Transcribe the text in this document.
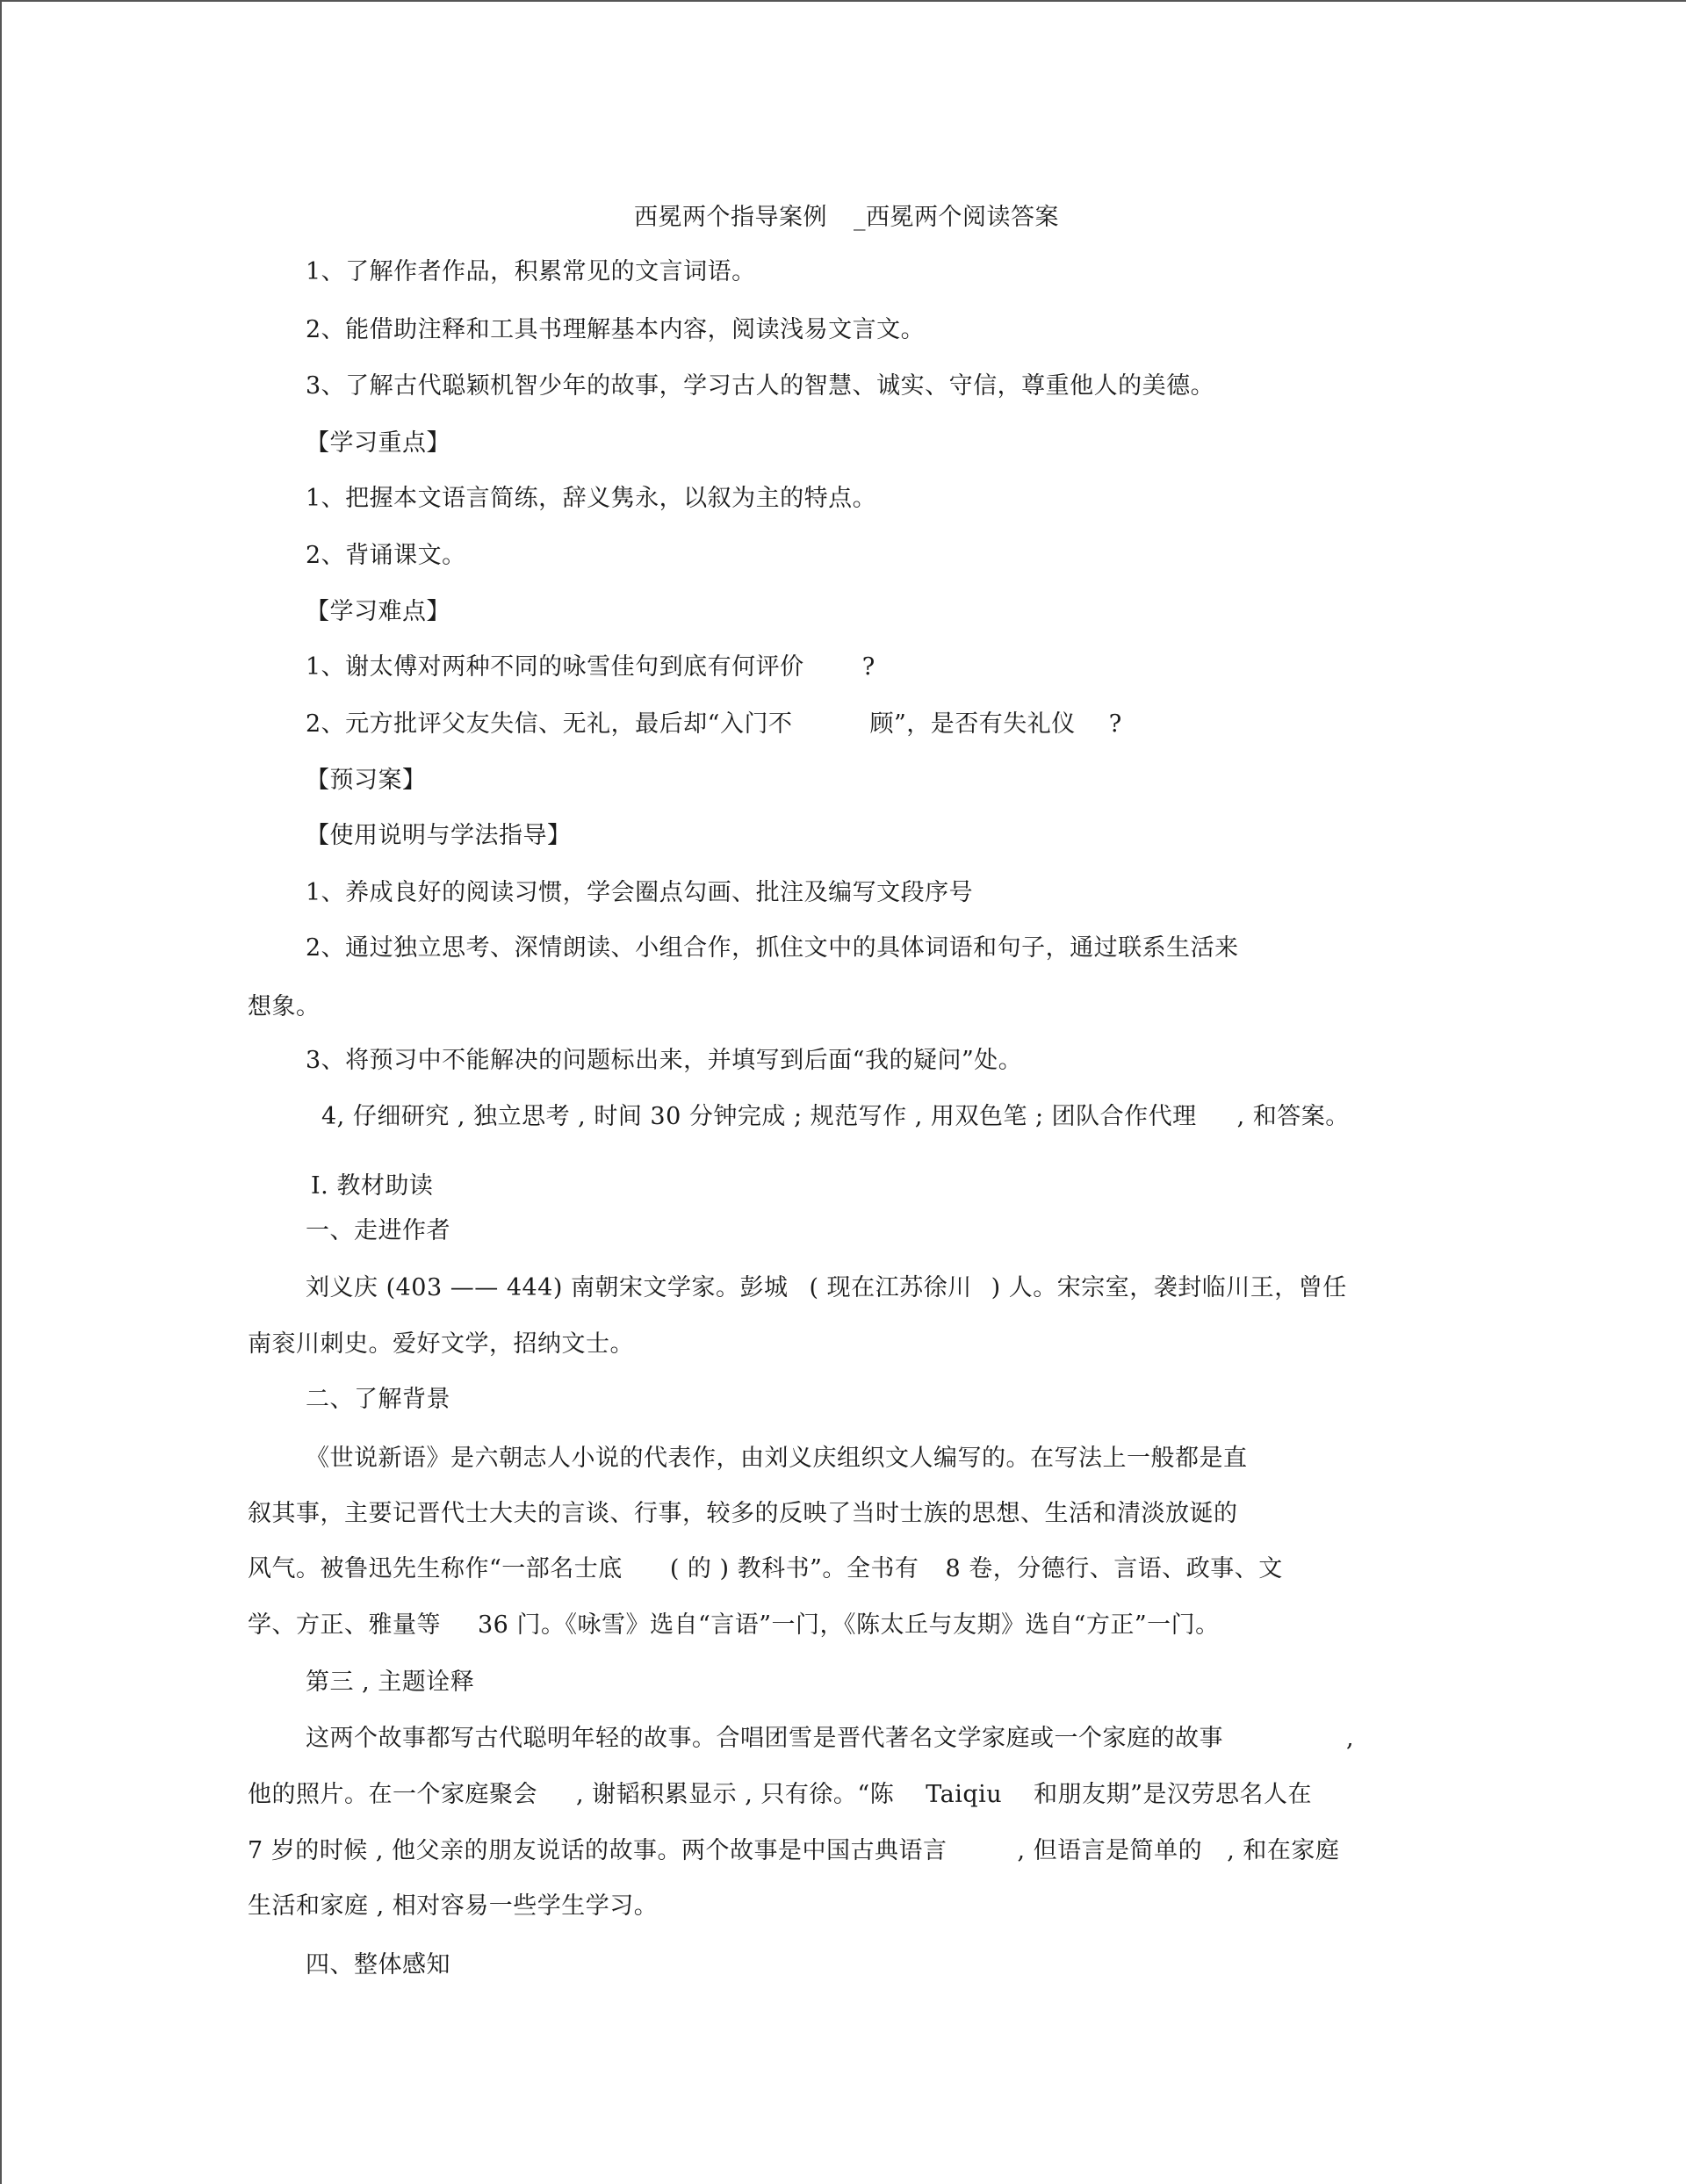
西冕两个指导案例 _西冕两个阅读答案
1、了解作者作品，积累常见的文言词语。
2、能借助注释和工具书理解基本内容，阅读浅易文言文。
3、了解古代聪颖机智少年的故事，学习古人的智慧、诚实、守信，尊重他人的美德。
【学习重点】
1、把握本文语言简练，辞义隽永，以叙为主的特点。
2、背诵课文。
【学习难点】
1、谢太傅对两种不同的咏雪佳句到底有何评价 ?
2、元方批评父友失信、无礼，最后却“入门不	顾”，是否有失礼仪 ?
【预习案】
【使用说明与学法指导】
1、养成良好的阅读习惯，学会圈点勾画、批注及编写文段序号
2、通过独立思考、深情朗读、小组合作，抓住文中的具体词语和句子，通过联系生活来
想象。
3、将预习中不能解决的问题标出来，并填写到后面“我的疑问”处。
4, 仔细研究 , 独立思考 , 时间 30 分钟完成 ; 规范写作 , 用双色笔 ; 团队合作代理 , 和答案。
Ⅰ. 教材助读
一、走进作者
刘义庆 (403 —— 444) 南朝宋文学家。彭城 ( 现在江苏徐川 ) 人。宋宗室，袭封临川王，曾任
南衮川刺史。爱好文学，招纳文士。
二、了解背景
《世说新语》是六朝志人小说的代表作，由刘义庆组织文人编写的。在写法上一般都是直
叙其事，主要记晋代士大夫的言谈、行事，较多的反映了当时士族的思想、生活和清淡放诞的
风气。被鲁迅先生称作“一部名士底 ( 的 ) 教科书”。全书有 8 卷，分德行、言语、政事、文
学、方正、雅量等 36 门。《咏雪》选自“言语”一门，《陈太丘与友期》选自“方正”一门。
第三 , 主题诠释
这两个故事都写古代聪明年轻的故事。合唱团雪是晋代著名文学家庭或一个家庭的故事	,
他的照片。在一个家庭聚会 , 谢韬积累显示 , 只有徐。“陈 Taiqiu 和朋友期”是汉劳思名人在
7 岁的时候 , 他父亲的朋友说话的故事。两个故事是中国古典语言	, 但语言是简单的 , 和在家庭
生活和家庭 , 相对容易一些学生学习。
四、整体感知
